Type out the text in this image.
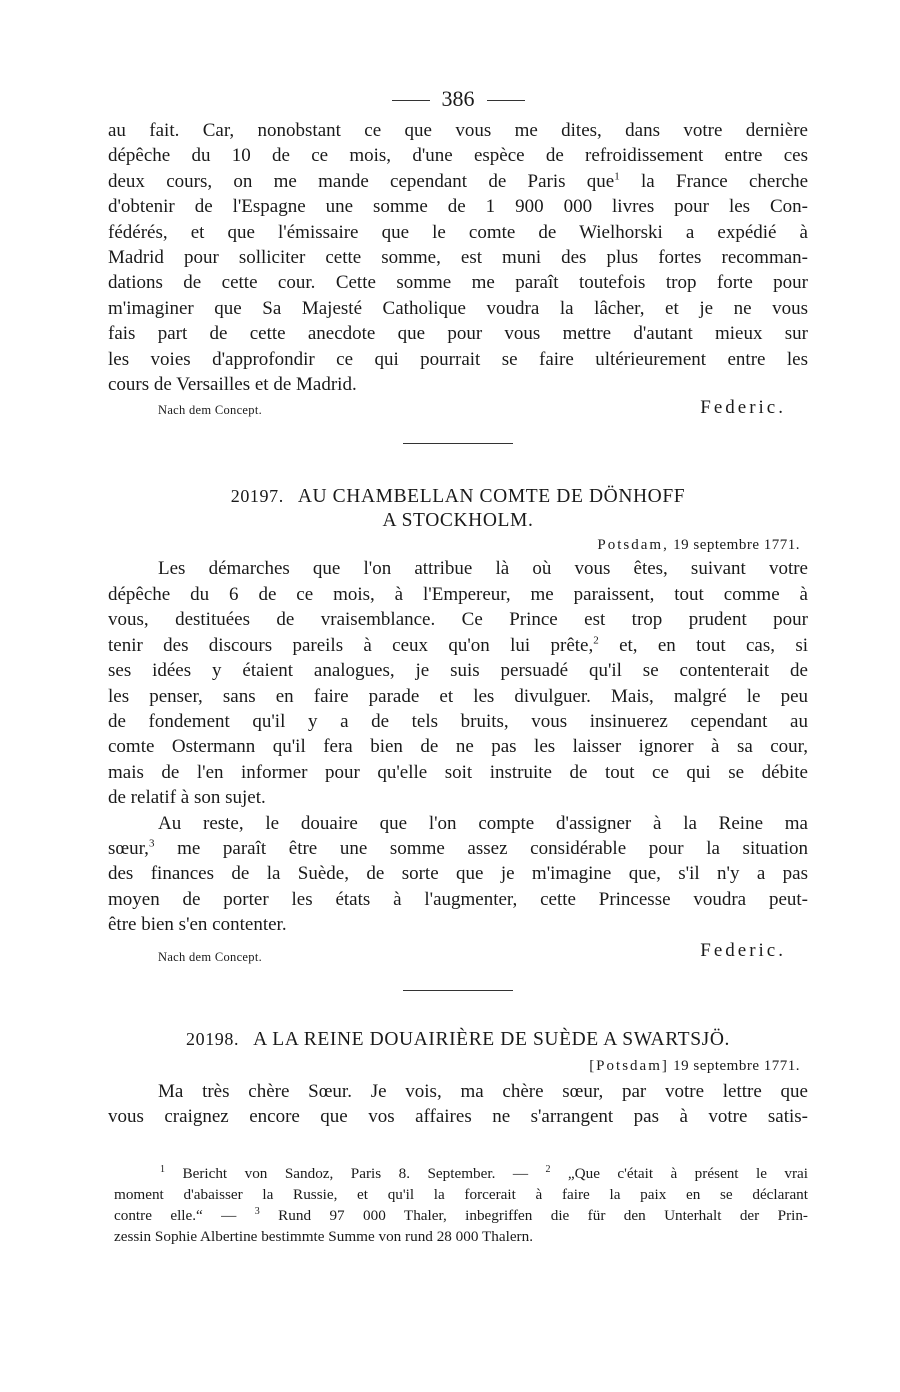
386
au fait. Car, nonobstant ce que vous me dites, dans votre dernière
dépêche du 10 de ce mois, d'une espèce de refroidissement entre ces
deux cours, on me mande cependant de Paris que$^1$ la France cherche
d'obtenir de l'Espagne une somme de 1 900 000 livres pour les Con-
fédérés, et que l'émissaire que le comte de Wielhorski a expédié à
Madrid pour solliciter cette somme, est muni des plus fortes recomman-
dations de cette cour. Cette somme me paraît toutefois trop forte pour
m'imaginer que Sa Majesté Catholique voudra la lâcher, et je ne vous
fais part de cette anecdote que pour vous mettre d'autant mieux sur
les voies d'approfondir ce qui pourrait se faire ultérieurement entre les
cours de Versailles et de Madrid.
Nach dem Concept.	Federic.
20197. AU CHAMBELLAN COMTE DE DÖNHOFF
A STOCKHOLM.
Potsdam, 19 septembre 1771.
Les démarches que l'on attribue là où vous êtes, suivant votre
dépêche du 6 de ce mois, à l'Empereur, me paraissent, tout comme à
vous, destituées de vraisemblance. Ce Prince est trop prudent pour
tenir des discours pareils à ceux qu'on lui prête,$^2$ et, en tout cas, si
ses idées y étaient analogues, je suis persuadé qu'il se contenterait de
les penser, sans en faire parade et les divulguer. Mais, malgré le peu
de fondement qu'il y a de tels bruits, vous insinuerez cependant au
comte Ostermann qu'il fera bien de ne pas les laisser ignorer à sa cour,
mais de l'en informer pour qu'elle soit instruite de tout ce qui se débite
de relatif à son sujet.
Au reste, le douaire que l'on compte d'assigner à la Reine ma
sœur,$^3$ me paraît être une somme assez considérable pour la situation
des finances de la Suède, de sorte que je m'imagine que, s'il n'y a pas
moyen de porter les états à l'augmenter, cette Princesse voudra peut-
être bien s'en contenter.
Nach dem Concept.	Federic.
20198. A LA REINE DOUAIRIÈRE DE SUÈDE A SWARTSJÖ.
[Potsdam] 19 septembre 1771.
Ma très chère Sœur. Je vois, ma chère sœur, par votre lettre que
vous craignez encore que vos affaires ne s'arrangent pas à votre satis-
$^1$ Bericht von Sandoz, Paris 8. September. — $^2$ „Que c'était à présent le vrai
moment d'abaisser la Russie, et qu'il la forcerait à faire la paix en se déclarant
contre elle.“ — $^3$ Rund 97 000 Thaler, inbegriffen die für den Unterhalt der Prin-
zessin Sophie Albertine bestimmte Summe von rund 28 000 Thalern.
